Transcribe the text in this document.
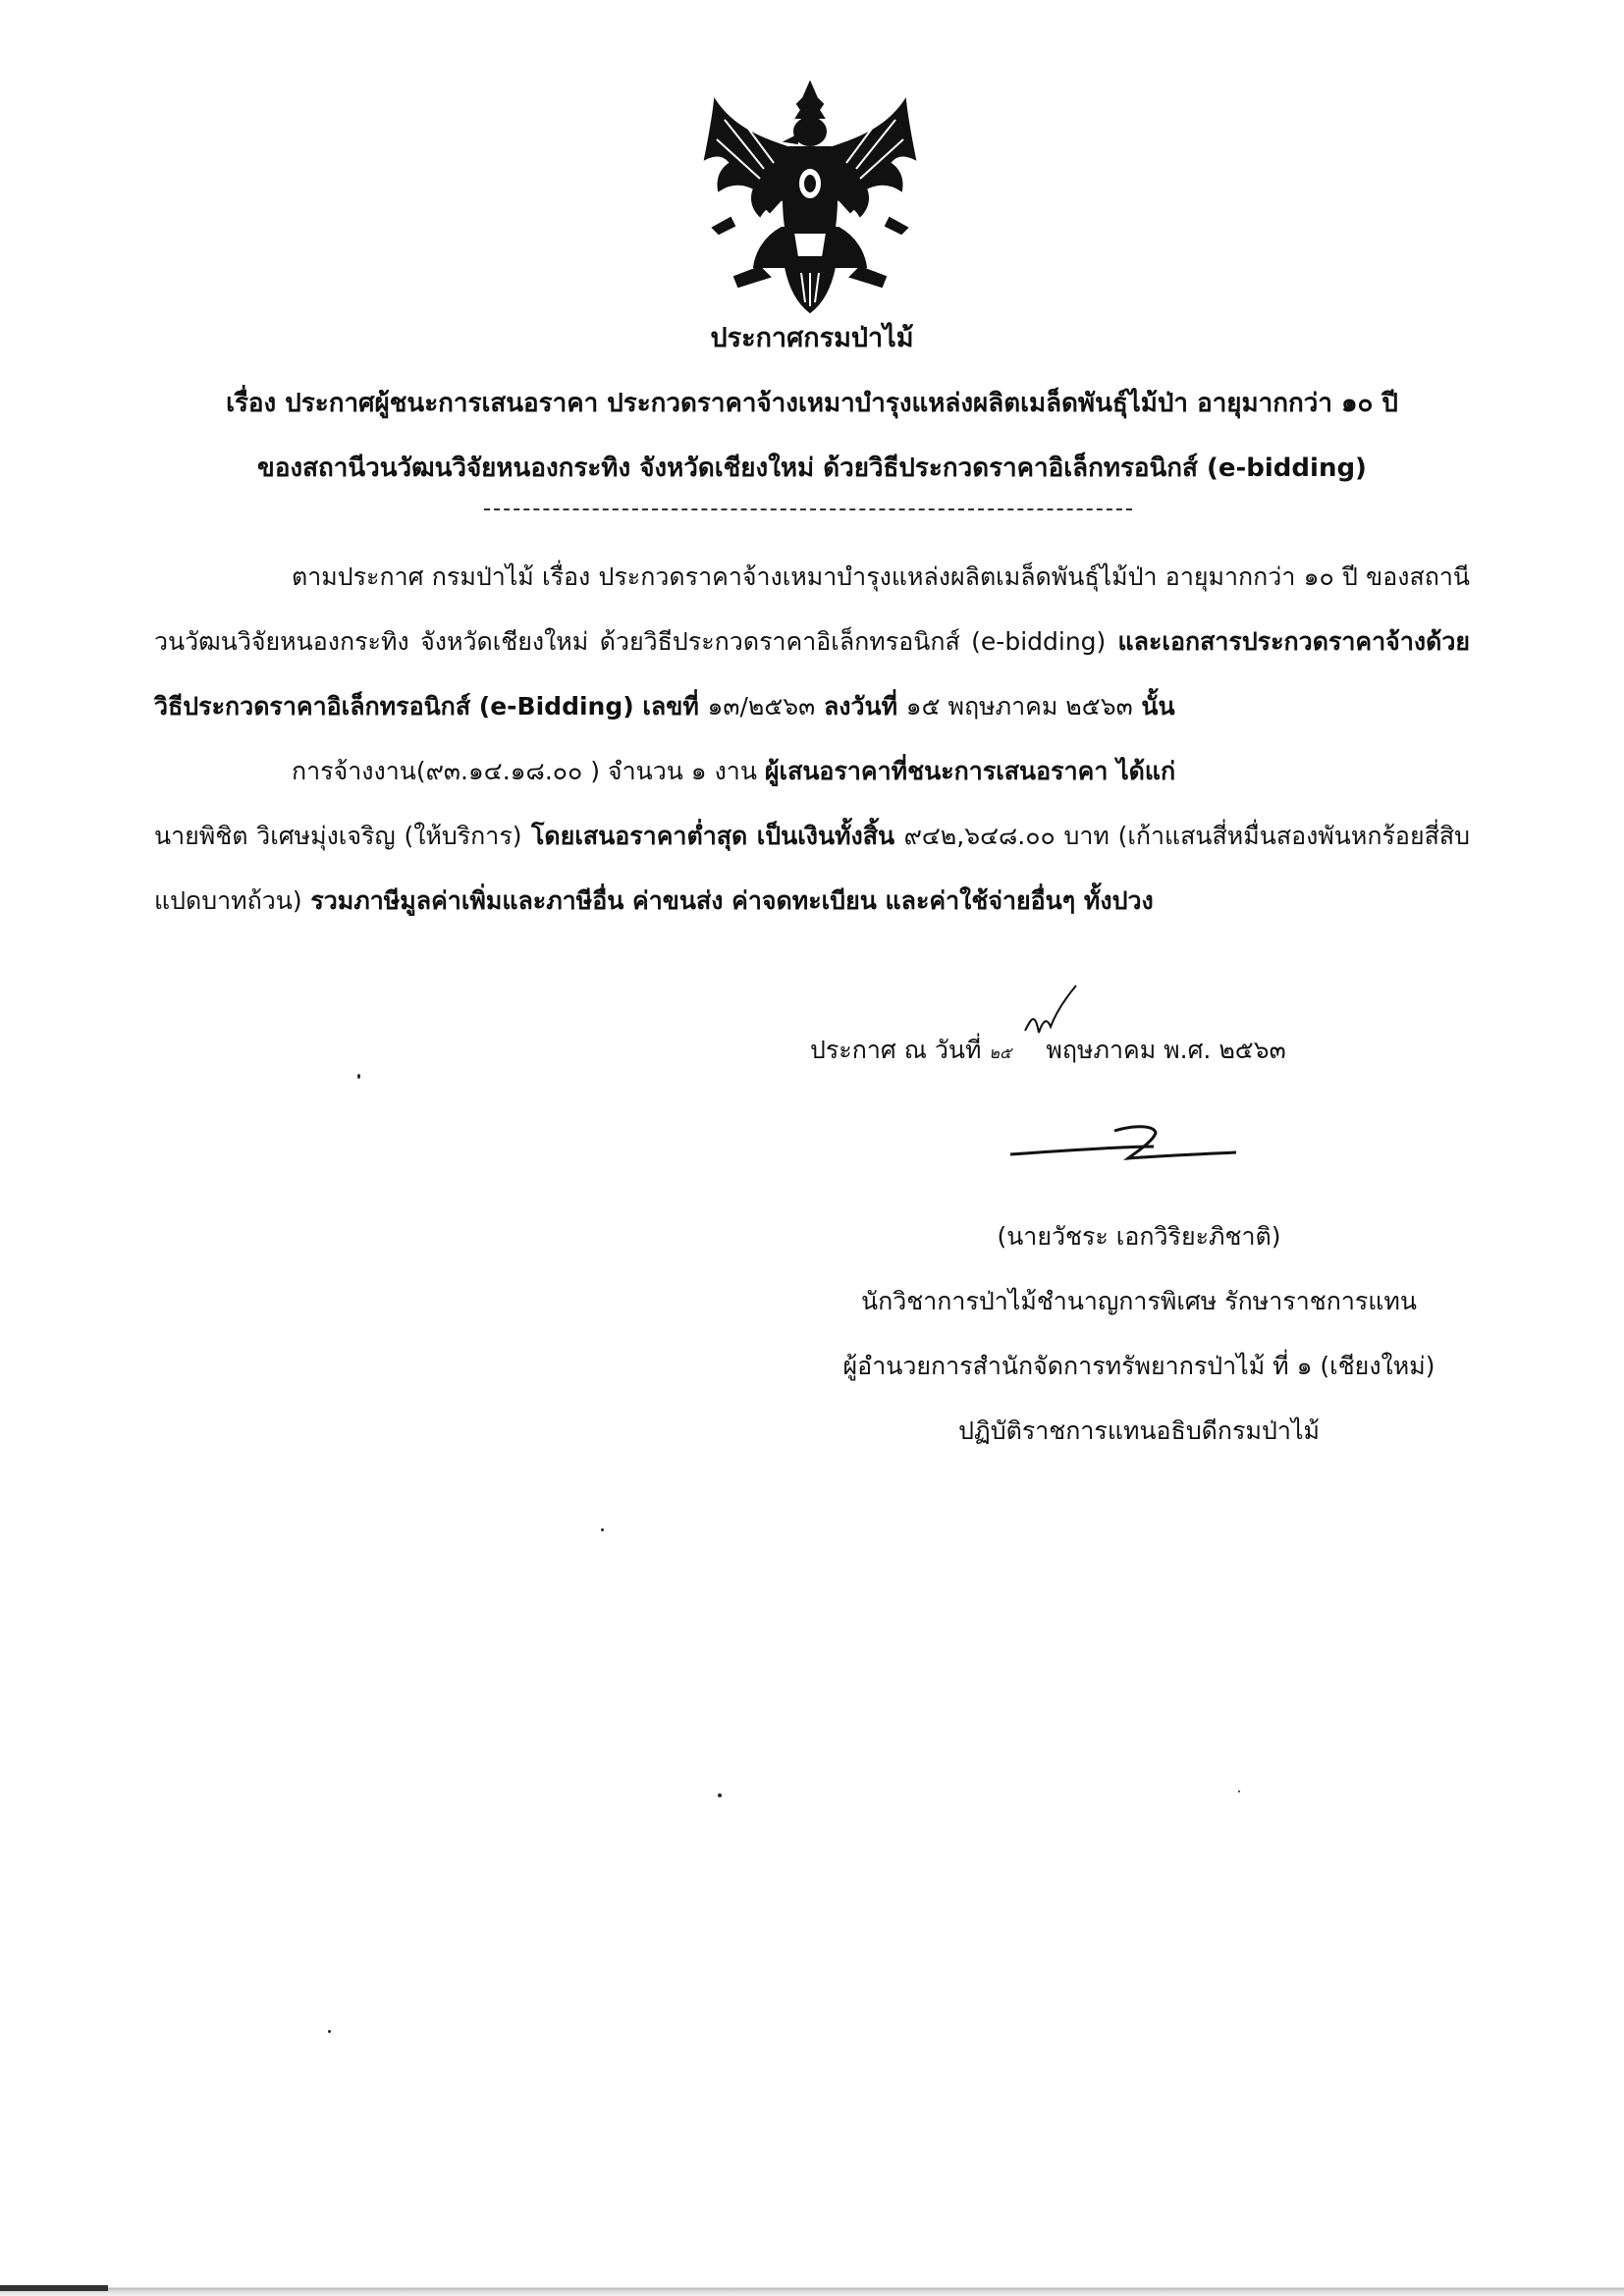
ประกาศกรมป่าไม้
เรื่อง ประกาศผู้ชนะการเสนอราคา ประกวดราคาจ้างเหมาบำรุงแหล่งผลิตเมล็ดพันธุ์ไม้ป่า อายุมากกว่า ๑๐ ปี
ของสถานีวนวัฒนวิจัยหนองกระทิง จังหวัดเชียงใหม่ ด้วยวิธีประกวดราคาอิเล็กทรอนิกส์ (e-bidding)

ตามประกาศ กรมป่าไม้ เรื่อง ประกวดราคาจ้างเหมาบำรุงแหล่งผลิตเมล็ดพันธุ์ไม้ป่า อายุมากกว่า ๑๐ ปี ของสถานีวนวัฒนวิจัยหนองกระทิง จังหวัดเชียงใหม่ ด้วยวิธีประกวดราคาอิเล็กทรอนิกส์ (e-bidding) และเอกสารประกวดราคาจ้างด้วยวิธีประกวดราคาอิเล็กทรอนิกส์ (e-Bidding) เลขที่ ๑๓/๒๕๖๓ ลงวันที่ ๑๕ พฤษภาคม ๒๕๖๓ นั้น

การจ้างงาน(๙๓.๑๔.๑๘.๐๐ ) จำนวน ๑ งาน ผู้เสนอราคาที่ชนะการเสนอราคา ได้แก่

นายพิชิต วิเศษมุ่งเจริญ (ให้บริการ) โดยเสนอราคาต่ำสุด เป็นเงินทั้งสิ้น ๙๔๒,๖๔๘.๐๐ บาท (เก้าแสนสี่หมื่นสองพันหกร้อยสี่สิบแปดบาทถ้วน) รวมภาษีมูลค่าเพิ่มและภาษีอื่น ค่าขนส่ง ค่าจดทะเบียน และค่าใช้จ่ายอื่นๆ ทั้งปวง

ประกาศ ณ วันที่ ๒๕ พฤษภาคม พ.ศ. ๒๕๖๓

(นายวัชระ เอกวิริยะภิชาติ)

นักวิชาการป่าไม้ชำนาญการพิเศษ รักษาราชการแทน

ผู้อำนวยการสำนักจัดการทรัพยากรป่าไม้ ที่ ๑ (เชียงใหม่)

ปฏิบัติราชการแทนอธิบดีกรมป่าไม้
